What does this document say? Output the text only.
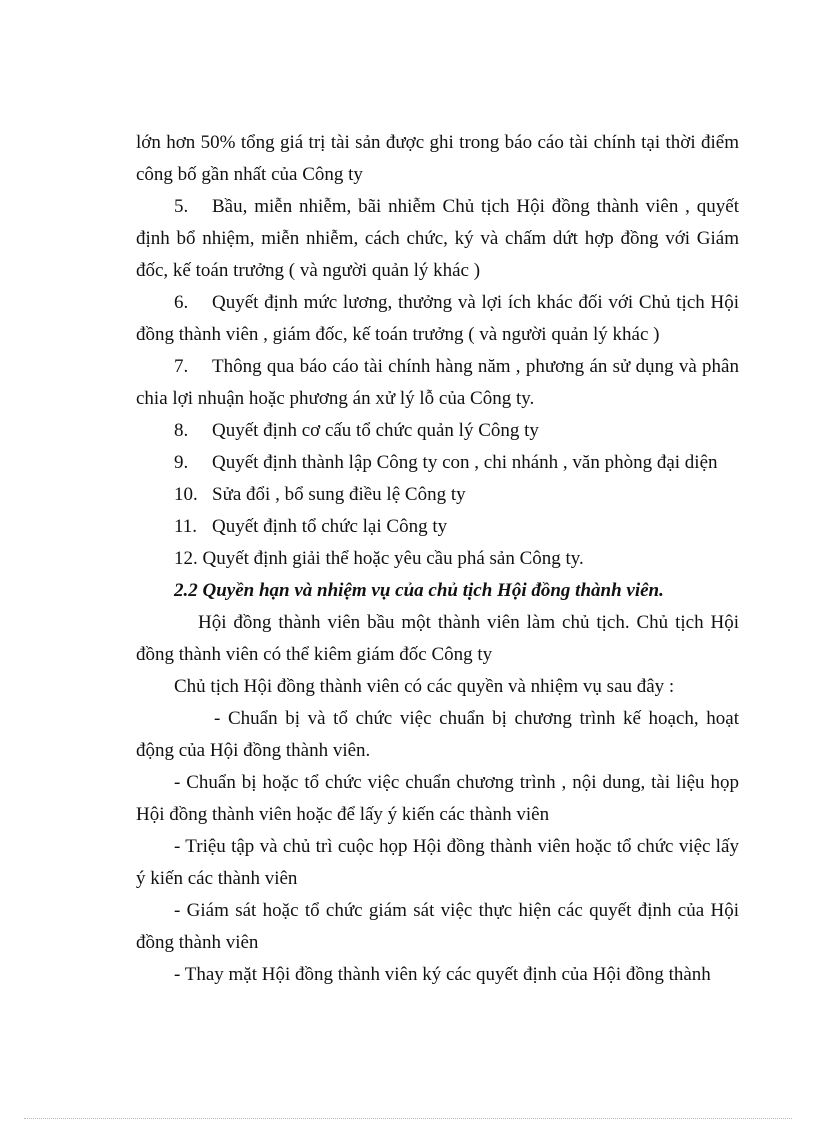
lớn hơn 50% tổng giá trị tài sản được ghi trong báo cáo tài chính tại thời điểm công bố gần nhất của Công ty

5. Bầu, miễn nhiễm, bãi nhiễm Chủ tịch Hội đồng thành viên , quyết định bổ nhiệm, miễn nhiễm, cách chức, ký và chấm dứt hợp đồng với Giám đốc, kế toán trưởng ( và người quản lý khác )

6. Quyết định mức lương, thưởng và lợi ích khác đối với Chủ tịch Hội đồng thành viên , giám đốc, kế toán trưởng ( và người quản lý khác )

7. Thông qua báo cáo tài chính hàng năm , phương án sử dụng và phân chia lợi nhuận hoặc phương án xử lý lỗ của Công ty.

8. Quyết định cơ cấu tổ chức quản lý Công ty

9. Quyết định thành lập Công ty con , chi nhánh , văn phòng đại diện

10. Sửa đổi , bổ sung điều lệ Công ty

11. Quyết định tổ chức lại Công ty

12. Quyết định giải thể hoặc yêu cầu phá sản Công ty.

2.2 Quyền hạn và nhiệm vụ của chủ tịch Hội đồng thành viên.

Hội đồng thành viên bầu một thành viên làm chủ tịch. Chủ tịch Hội đồng thành viên có thể kiêm giám đốc Công ty

Chủ tịch Hội đồng thành viên có các quyền và nhiệm vụ sau đây :

- Chuẩn bị và tổ chức việc chuẩn bị chương trình kế hoạch, hoạt động của Hội đồng thành viên.

- Chuẩn bị hoặc tổ chức việc chuẩn chương trình , nội dung, tài liệu họp Hội đồng thành viên hoặc để lấy ý kiến các thành viên

- Triệu tập và chủ trì cuộc họp Hội đồng thành viên hoặc tổ chức việc lấy ý kiến các thành viên

- Giám sát hoặc tổ chức giám sát việc thực hiện các quyết định của Hội đồng thành viên

- Thay mặt Hội đồng thành viên ký các quyết định của Hội đồng thành
